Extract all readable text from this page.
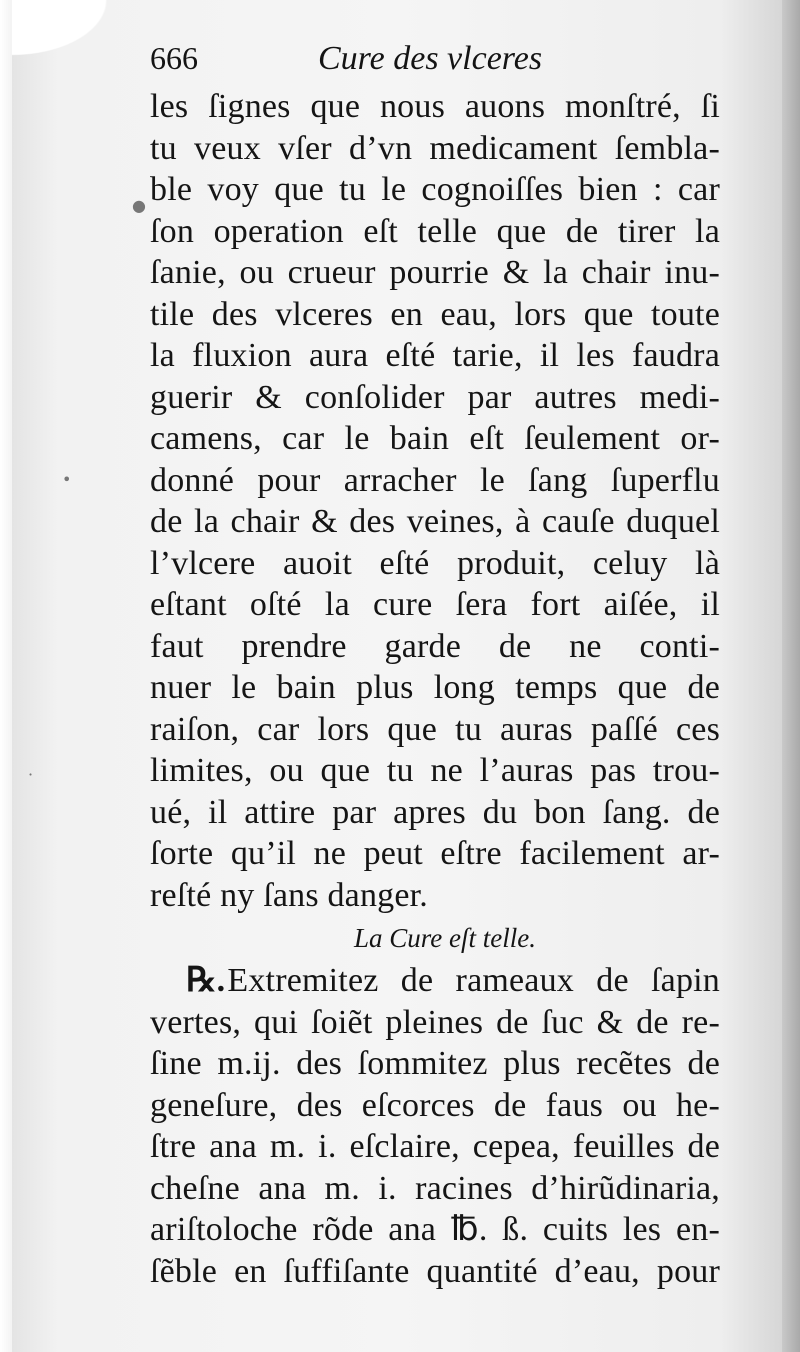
666	Cure des vlceres
les ſignes que nous auons monſtré, ſi
tu veux vſer d’vn medicament ſembla-
ble voy que tu le cognoiſſes bien : car
ſon operation eſt telle que de tirer la
ſanie, ou crueur pourrie & la chair inu-
tile des vlceres en eau, lors que toute
la fluxion aura eſté tarie, il les faudra
guerir & conſolider par autres medi-
camens, car le bain eſt ſeulement or-
donné pour arracher le ſang ſuperflu
de la chair & des veines, à cauſe duquel
l’vlcere auoit eſté produit, celuy là
eſtant oſté la cure ſera fort aiſée, il
faut prendre garde de ne conti-
nuer le bain plus long temps que de
raiſon, car lors que tu auras paſſé ces
limites, ou que tu ne l’auras pas trou-
ué, il attire par apres du bon ſang. de
ſorte qu’il ne peut eſtre facilement ar-
reſté ny ſans danger.
La Cure eſt telle.
℞. Extremitez de rameaux de ſapin
vertes, qui ſoiẽt pleines de ſuc & de re-
ſine m.ij. des ſommitez plus recẽtes de
geneſure, des eſcorces de faus ou he-
ſtre ana m. i. eſclaire, cepea, feuilles de
cheſne ana m. i. racines d’hirũdinaria,
ariſtoloche rõde ana ℔. ß. cuits les en-
ſẽble en ſuffiſante quantité d’eau, pour
•
·
●
